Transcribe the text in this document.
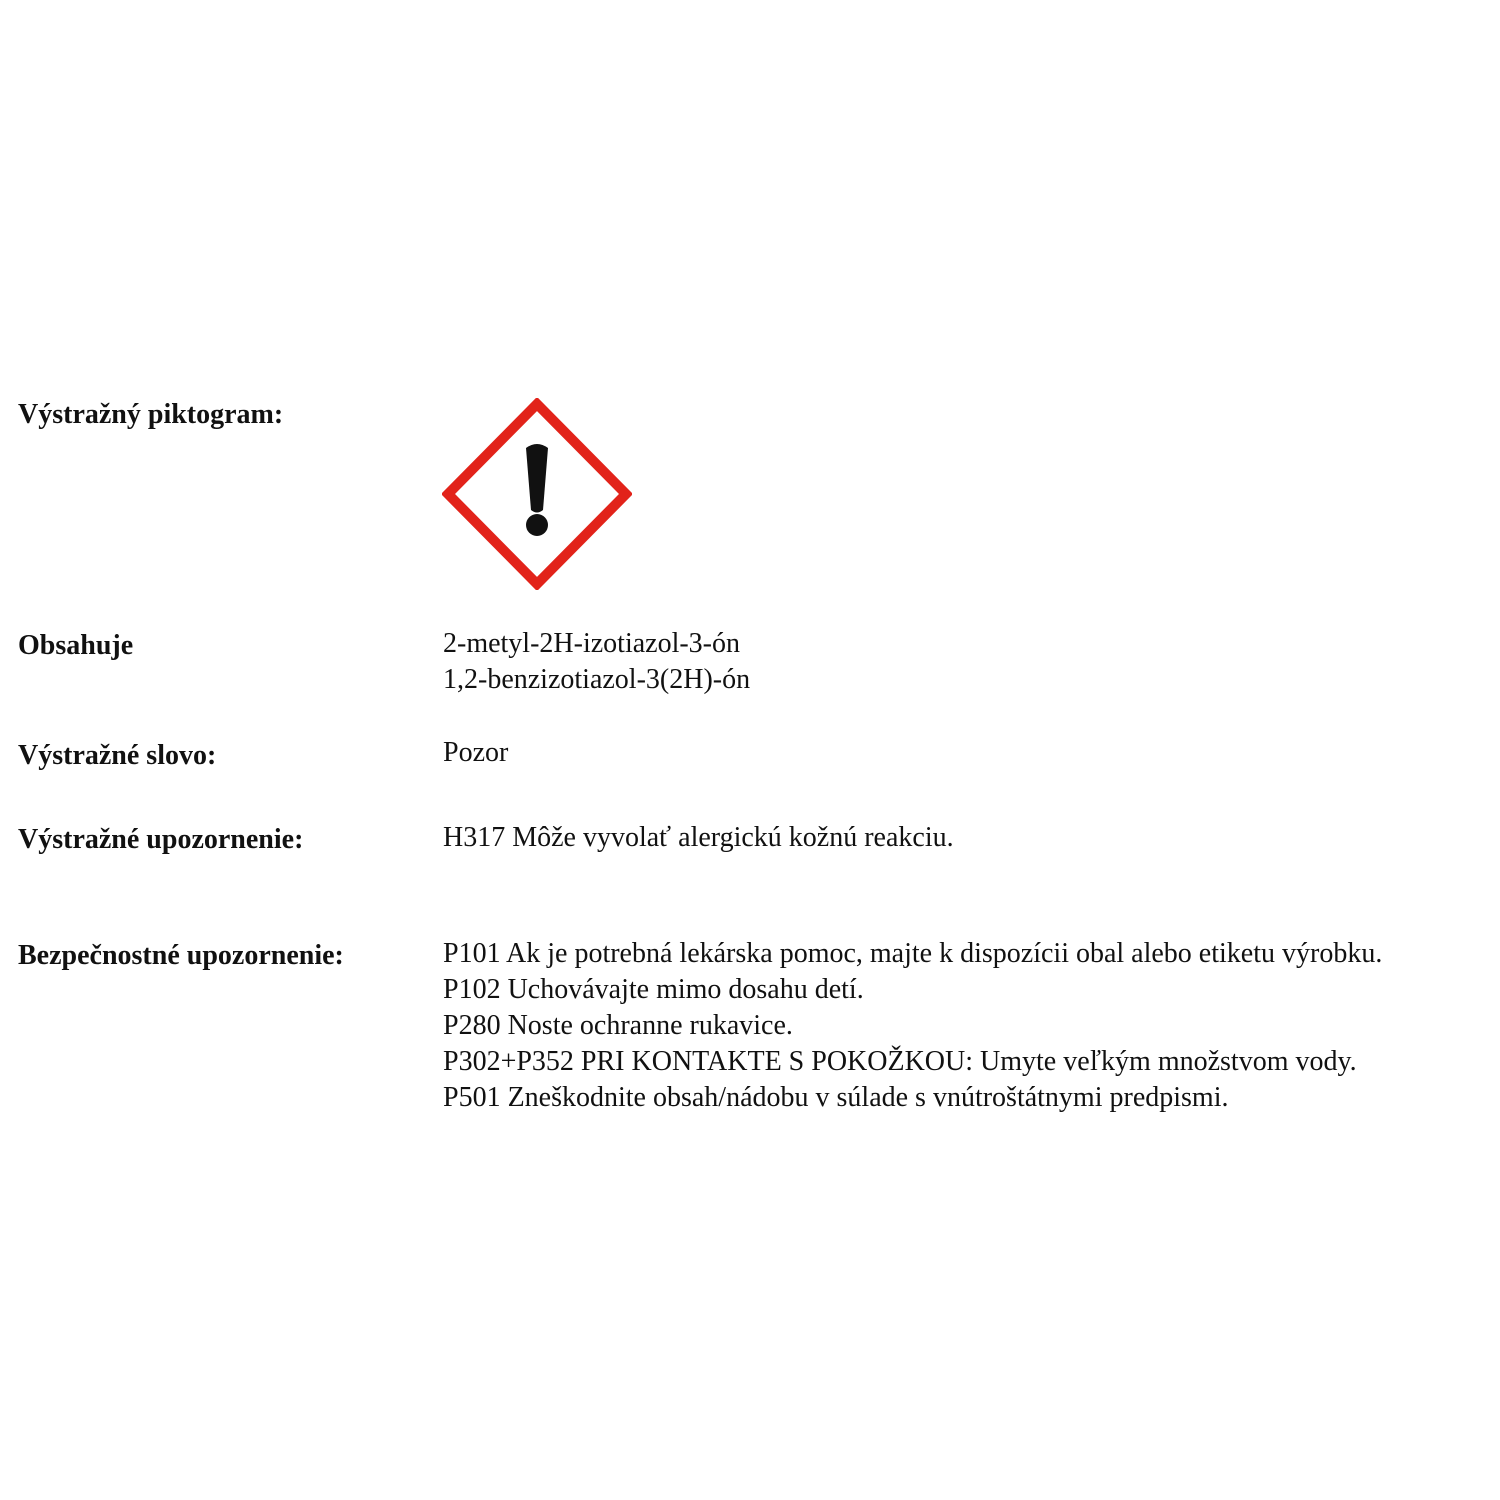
Výstražný piktogram:
Obsahuje	2-metyl-2H-izotiazol-3-ón
1,2-benzizotiazol-3(2H)-ón
Výstražné slovo:	Pozor
Výstražné upozornenie:	H317 Môže vyvolať alergickú kožnú reakciu.
Bezpečnostné upozornenie:	P101 Ak je potrebná lekárska pomoc, majte k dispozícii obal alebo etiketu výrobku.
P102 Uchovávajte mimo dosahu detí.
P280 Noste ochranne rukavice.
P302+P352 PRI KONTAKTE S POKOŽKOU: Umyte veľkým množstvom vody.
P501 Zneškodnite obsah/nádobu v súlade s vnútroštátnymi predpismi.
